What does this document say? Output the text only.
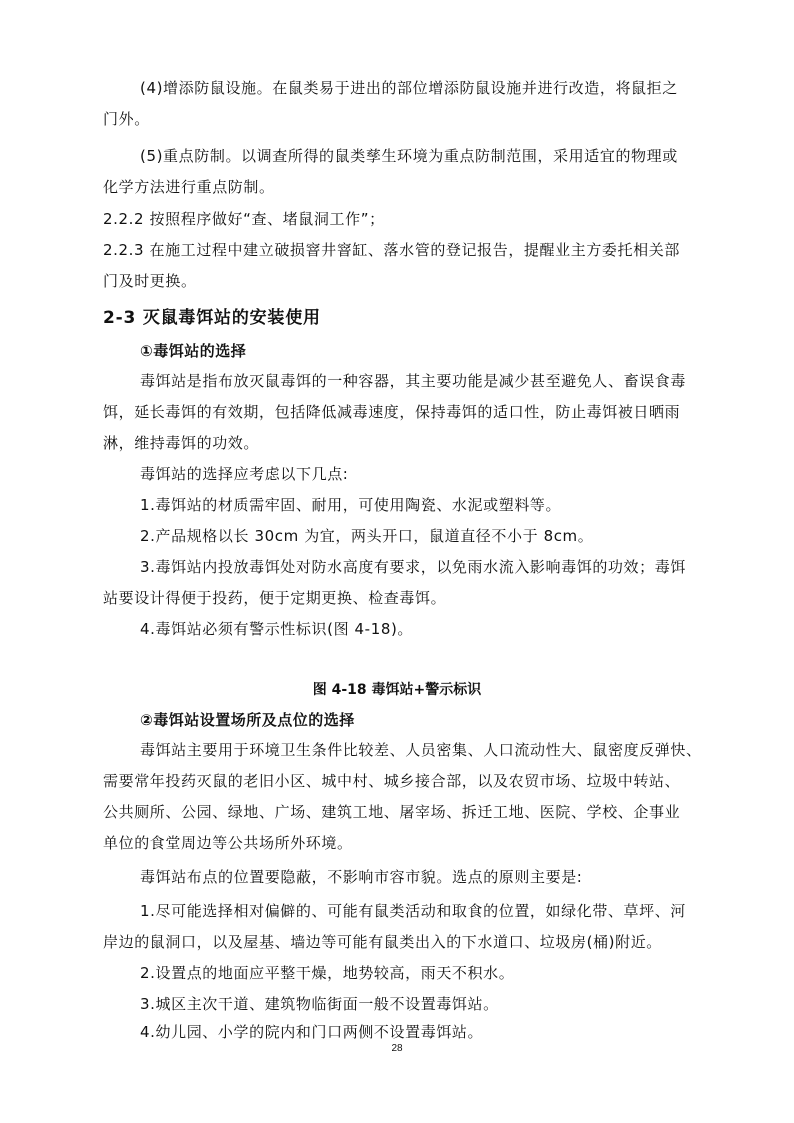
(4)增添防鼠设施。在鼠类易于进出的部位增添防鼠设施并进行改造，将鼠拒之
门外。
(5)重点防制。以调查所得的鼠类孳生环境为重点防制范围，采用适宜的物理或
化学方法进行重点防制。
2.2.2 按照程序做好“查、堵鼠洞工作”；
2.2.3 在施工过程中建立破损窨井窨缸、落水管的登记报告，提醒业主方委托相关部
门及时更换。
2-3 灭鼠毒饵站的安装使用
①毒饵站的选择
毒饵站是指布放灭鼠毒饵的一种容器，其主要功能是减少甚至避免人、畜误食毒
饵，延长毒饵的有效期，包括降低减毒速度，保持毒饵的适口性，防止毒饵被日晒雨
淋，维持毒饵的功效。
毒饵站的选择应考虑以下几点:
1.毒饵站的材质需牢固、耐用，可使用陶瓷、水泥或塑料等。
2.产品规格以长 30cm 为宜，两头开口，鼠道直径不小于 8cm。
3.毒饵站内投放毒饵处对防水高度有要求，以免雨水流入影响毒饵的功效；毒饵
站要设计得便于投药，便于定期更换、检查毒饵。
4.毒饵站必须有警示性标识(图 4-18)。
图 4-18 毒饵站+警示标识
②毒饵站设置场所及点位的选择
毒饵站主要用于环境卫生条件比较差、人员密集、人口流动性大、鼠密度反弹快、
需要常年投药灭鼠的老旧小区、城中村、城乡接合部，以及农贸市场、垃圾中转站、
公共厕所、公园、绿地、广场、建筑工地、屠宰场、拆迁工地、医院、学校、企事业
单位的食堂周边等公共场所外环境。
毒饵站布点的位置要隐蔽，不影响市容市貌。选点的原则主要是:
1.尽可能选择相对偏僻的、可能有鼠类活动和取食的位置，如绿化带、草坪、河
岸边的鼠洞口，以及屋基、墙边等可能有鼠类出入的下水道口、垃圾房(桶)附近。
2.设置点的地面应平整干燥，地势较高，雨天不积水。
3.城区主次干道、建筑物临街面一般不设置毒饵站。
4.幼儿园、小学的院内和门口两侧不设置毒饵站。
28
